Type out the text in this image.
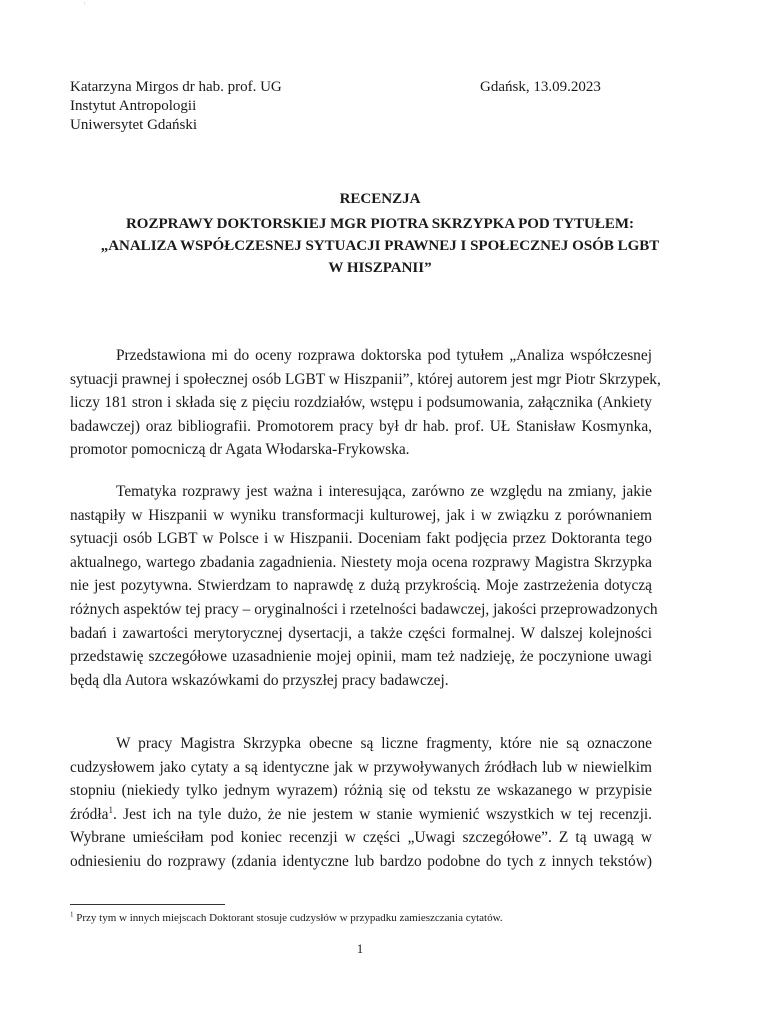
′
Katarzyna Mirgos dr hab. prof. UG
Instytut Antropologii
Uniwersytet Gdański
Gdańsk, 13.09.2023
RECENZJA
ROZPRAWY DOKTORSKIEJ MGR PIOTRA SKRZYPKA POD TYTUŁEM:
„ANALIZA WSPÓŁCZESNEJ SYTUACJI PRAWNEJ I SPOŁECZNEJ OSÓB LGBT
W HISZPANII”
Przedstawiona mi do oceny rozprawa doktorska pod tytułem „Analiza współczesnej
sytuacji prawnej i społecznej osób LGBT w Hiszpanii”, której autorem jest mgr Piotr Skrzypek,
liczy 181 stron i składa się z pięciu rozdziałów, wstępu i podsumowania, załącznika (Ankiety
badawczej) oraz bibliografii. Promotorem pracy był dr hab. prof. UŁ Stanisław Kosmynka,
promotor pomocniczą dr Agata Włodarska-Frykowska.
Tematyka rozprawy jest ważna i interesująca, zarówno ze względu na zmiany, jakie
nastąpiły w Hiszpanii w wyniku transformacji kulturowej, jak i w związku z porównaniem
sytuacji osób LGBT w Polsce i w Hiszpanii. Doceniam fakt podjęcia przez Doktoranta tego
aktualnego, wartego zbadania zagadnienia. Niestety moja ocena rozprawy Magistra Skrzypka
nie jest pozytywna. Stwierdzam to naprawdę z dużą przykrością. Moje zastrzeżenia dotyczą
różnych aspektów tej pracy – oryginalności i rzetelności badawczej, jakości przeprowadzonych
badań i zawartości merytorycznej dysertacji, a także części formalnej. W dalszej kolejności
przedstawię szczegółowe uzasadnienie mojej opinii, mam też nadzieję, że poczynione uwagi
będą dla Autora wskazówkami do przyszłej pracy badawczej.
W pracy Magistra Skrzypka obecne są liczne fragmenty, które nie są oznaczone
cudzysłowem jako cytaty a są identyczne jak w przywoływanych źródłach lub w niewielkim
stopniu (niekiedy tylko jednym wyrazem) różnią się od tekstu ze wskazanego w przypisie
źródła$^1$. Jest ich na tyle dużo, że nie jestem w stanie wymienić wszystkich w tej recenzji.
Wybrane umieściłam pod koniec recenzji w części „Uwagi szczegółowe”. Z tą uwagą w
odniesieniu do rozprawy (zdania identyczne lub bardzo podobne do tych z innych tekstów)
$^1$ Przy tym w innych miejscach Doktorant stosuje cudzysłów w przypadku zamieszczania cytatów.
1
